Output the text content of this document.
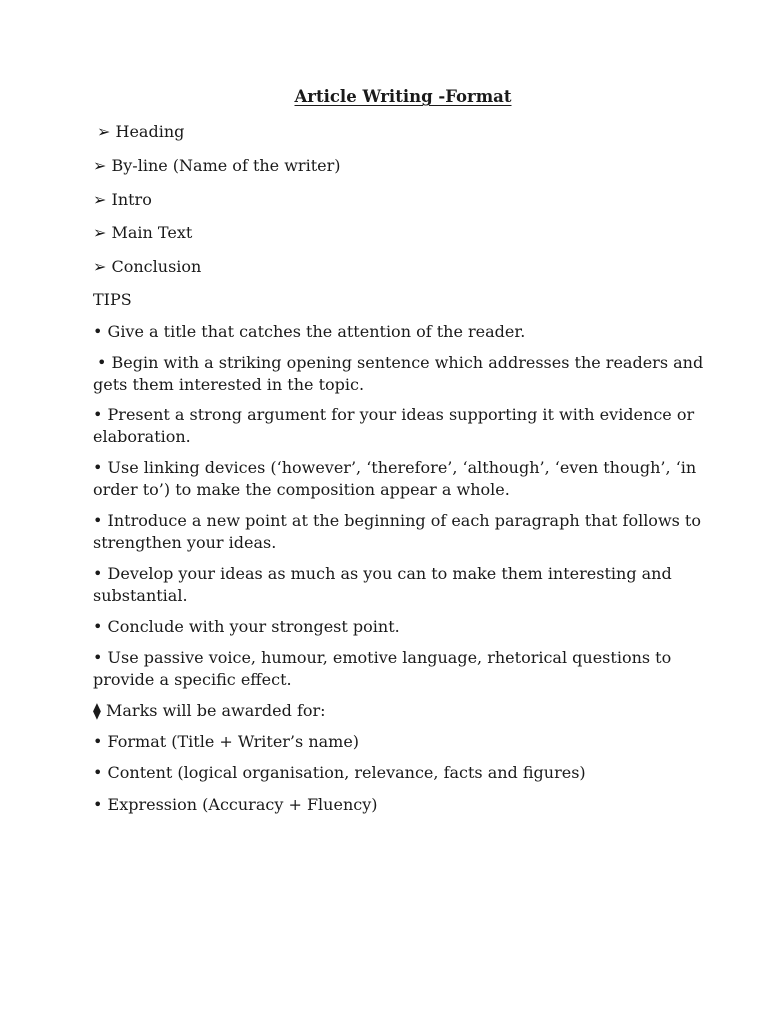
Article Writing -Format
➢ Heading
➢ By-line (Name of the writer)
➢ Intro
➢ Main Text
➢ Conclusion
TIPS
• Give a title that catches the attention of the reader.
• Begin with a striking opening sentence which addresses the readers and gets them interested in the topic.
• Present a strong argument for your ideas supporting it with evidence or elaboration.
• Use linking devices (‘however’, ‘therefore’, ‘although’, ‘even though’, ‘in order to’) to make the composition appear a whole.
• Introduce a new point at the beginning of each paragraph that follows to strengthen your ideas.
• Develop your ideas as much as you can to make them interesting and substantial.
• Conclude with your strongest point.
• Use passive voice, humour, emotive language, rhetorical questions to provide a specific effect.
⧫ Marks will be awarded for:
• Format (Title + Writer’s name)
• Content (logical organisation, relevance, facts and figures)
• Expression (Accuracy + Fluency)
